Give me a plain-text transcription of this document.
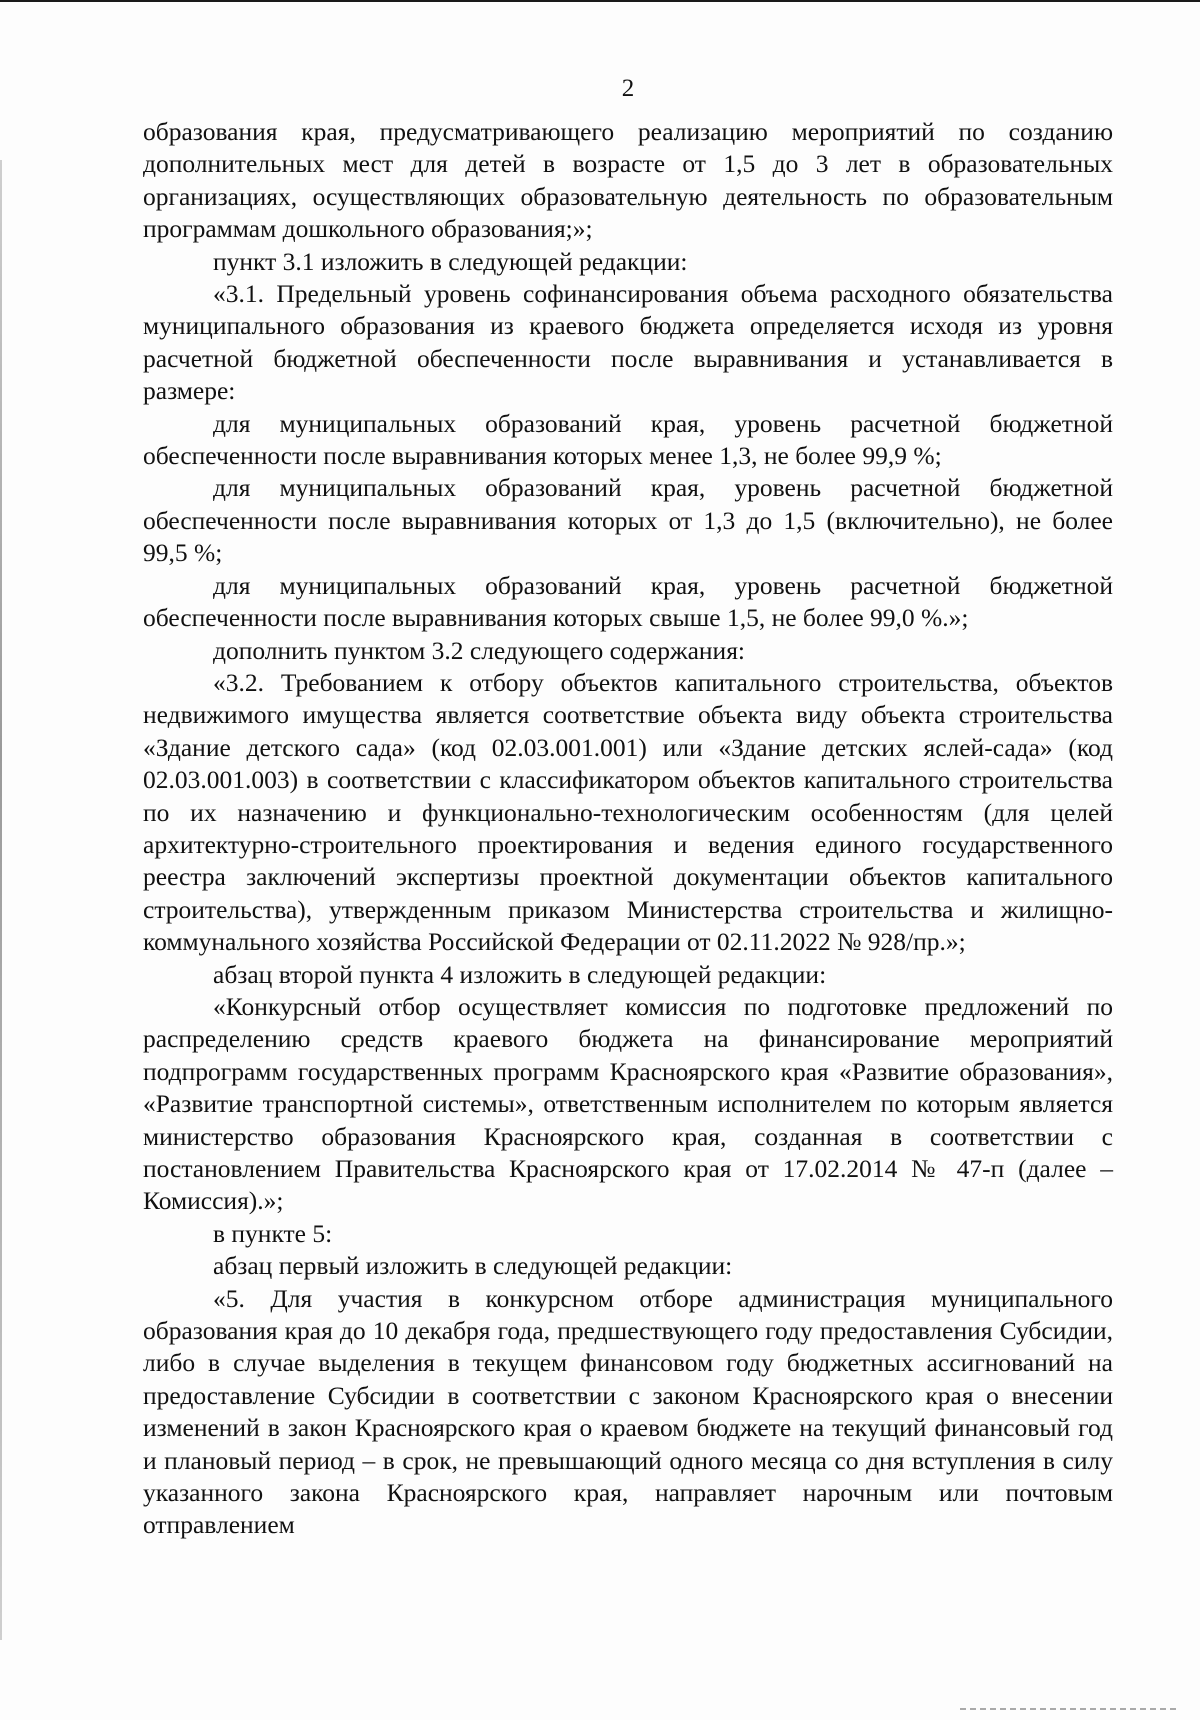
2

образования края, предусматривающего реализацию мероприятий по созданию дополнительных мест для детей в возрасте от 1,5 до 3 лет в образовательных организациях, осуществляющих образовательную деятельность по образовательным программам дошкольного образования;»;

пункт 3.1 изложить в следующей редакции:

«3.1. Предельный уровень софинансирования объема расходного обязательства муниципального образования из краевого бюджета определяется исходя из уровня расчетной бюджетной обеспеченности после выравнивания и устанавливается в размере:

для муниципальных образований края, уровень расчетной бюджетной обеспеченности после выравнивания которых менее 1,3, не более 99,9 %;

для муниципальных образований края, уровень расчетной бюджетной обеспеченности после выравнивания которых от 1,3 до 1,5 (включительно), не более 99,5 %;

для муниципальных образований края, уровень расчетной бюджетной обеспеченности после выравнивания которых свыше 1,5, не более 99,0 %.»;

дополнить пунктом 3.2 следующего содержания:

«3.2. Требованием к отбору объектов капитального строительства, объектов недвижимого имущества является соответствие объекта виду объекта строительства «Здание детского сада» (код 02.03.001.001) или «Здание детских яслей-сада» (код 02.03.001.003) в соответствии с классификатором объектов капитального строительства по их назначению и функционально-технологическим особенностям (для целей архитектурно-строительного проектирования и ведения единого государственного реестра заключений экспертизы проектной документации объектов капитального строительства), утвержденным приказом Министерства строительства и жилищно-коммунального хозяйства Российской Федерации от 02.11.2022 № 928/пр.»;

абзац второй пункта 4 изложить в следующей редакции:

«Конкурсный отбор осуществляет комиссия по подготовке предложений по распределению средств краевого бюджета на финансирование мероприятий подпрограмм государственных программ Красноярского края «Развитие образования», «Развитие транспортной системы», ответственным исполнителем по которым является министерство образования Красноярского края, созданная в соответствии с постановлением Правительства Красноярского края от 17.02.2014 № 47-п (далее – Комиссия).»;

в пункте 5:

абзац первый изложить в следующей редакции:

«5. Для участия в конкурсном отборе администрация муниципального образования края до 10 декабря года, предшествующего году предоставления Субсидии, либо в случае выделения в текущем финансовом году бюджетных ассигнований на предоставление Субсидии в соответствии с законом Красноярского края о внесении изменений в закон Красноярского края о краевом бюджете на текущий финансовый год и плановый период – в срок, не превышающий одного месяца со дня вступления в силу указанного закона Красноярского края, направляет нарочным или почтовым отправлением
